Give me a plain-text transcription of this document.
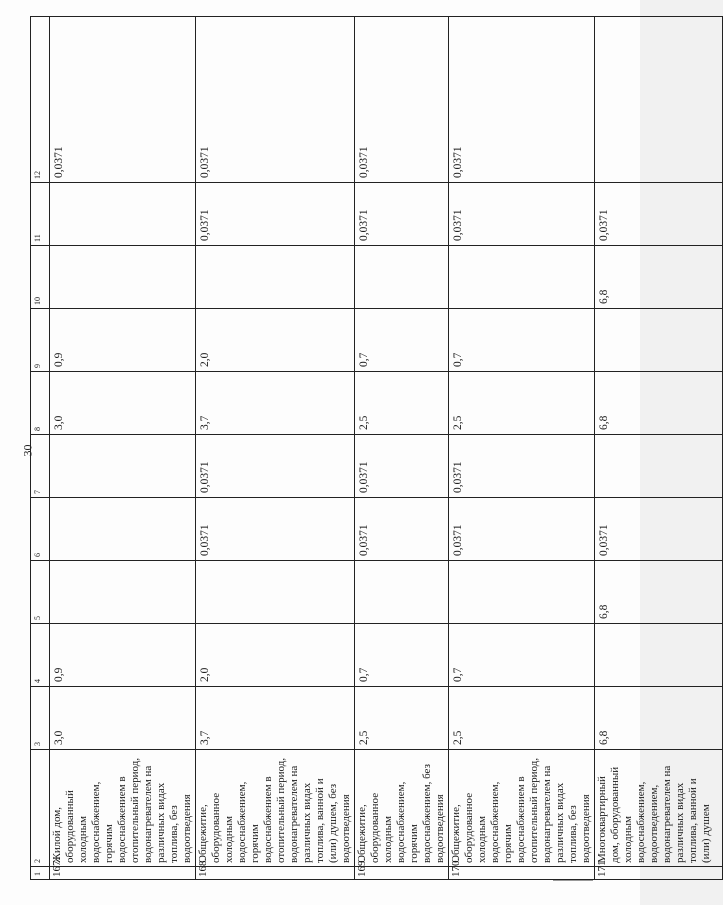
30
1	2	3	4	5	6	7	8	9	10	11	12
167.	Жилой дом, оборудованный холодным водоснабжением, горячим водоснабжением в отопительный период, водонагревателем на различных видах топлива, без водоотведения	3,0	0,9				3,0	0,9			0,0371
168.	Общежитие, оборудованное холодным водоснабжением, горячим водоснабжением в отопительный период, водонагревателем на различных видах топлива, ванной и (или) душем, без водоотведения	3,7	2,0		0,0371	0,0371	3,7	2,0		0,0371	0,0371
169.	Общежитие, оборудованное холодным водоснабжением, горячим водоснабжением, без водоотведения	2,5	0,7		0,0371	0,0371	2,5	0,7		0,0371	0,0371
170.	Общежитие, оборудованное холодным водоснабжением, горячим водоснабжением в отопительный период, водонагревателем на различных видах топлива, без водоотведения	2,5	0,7		0,0371	0,0371	2,5	0,7		0,0371	0,0371
171.	Многоквартирный дом, оборудованный холодным водоснабжением, водоотведением, водонагревателем на различных видах топлива, ванной и (или) душем	6,8		6,8	0,0371		6,8		6,8	0,0371	
